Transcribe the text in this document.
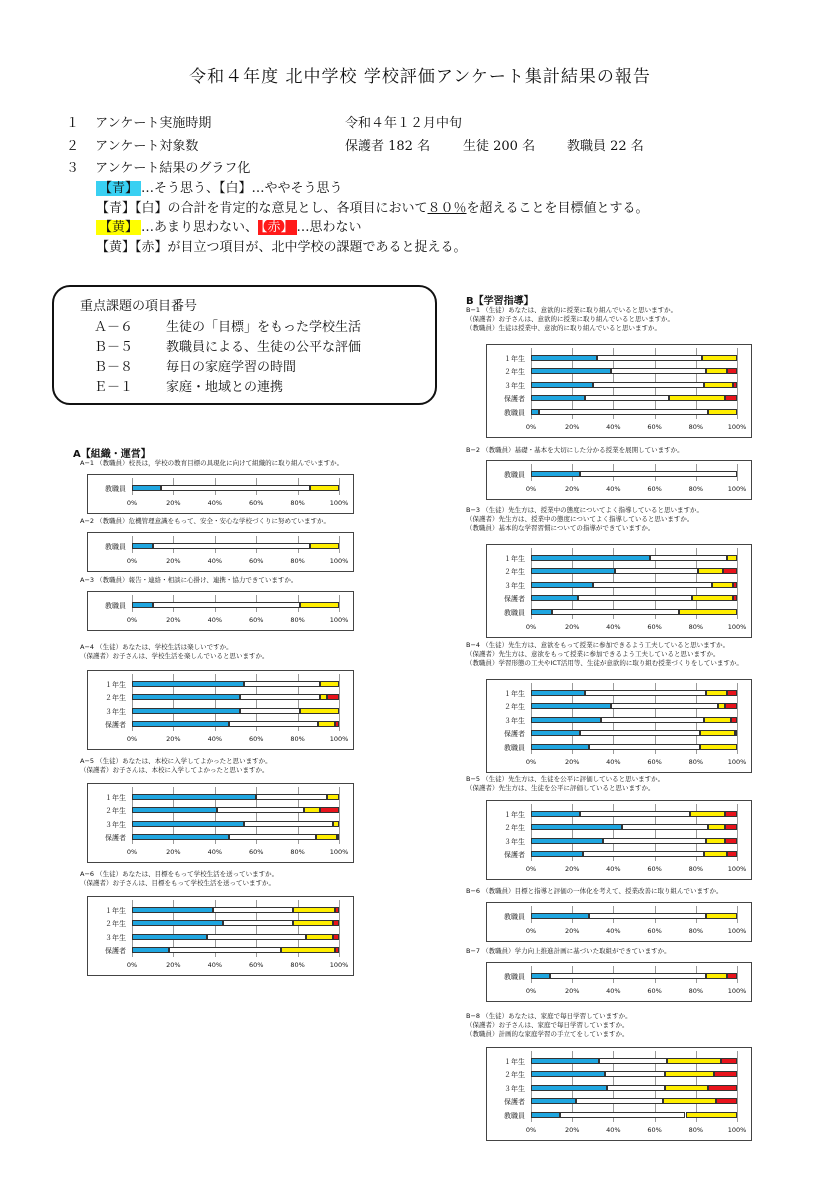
令和４年度 北中学校 学校評価アンケート集計結果の報告
１ アンケート実施時期	令和４年１２月中旬
２ アンケート対象数	保護者 182 名	生徒 200 名 教職員 22 名
３ アンケート結果のグラフ化
【青】 …そう思う、【白】…ややそう思う
【青】【白】の合計を肯定的な意見とし、各項目において８０％を超えることを目標値とする。
【黄】 …あまり思わない、 【赤】 …思わない
【黄】【赤】が目立つ項目が、北中学校の課題であると捉える。
重点課題の項目番号
Ａ－６	生徒の「目標」をもった学校生活
Ｂ－５	教職員による、生徒の公平な評価
Ｂ－８	毎日の家庭学習の時間
Ｅ－１	家庭・地域との連携
A【組織・運営】
B【学習指導】
A−1 （教職員）校長は，学校の教育目標の具現化に向けて組織的に取り組んでいますか。
0%	20%	40%	60%	80%	100%
教職員
A−2 （教職員）危機管理意識をもって、安全・安心な学校づくりに努めていますか。
0%	20%	40%	60%	80%	100%
教職員
A−3 （教職員）報告・連絡・相談に心掛け、連携・協力できていますか。
0%	20%	40%	60%	80%	100%
教職員
A−4 （生徒）あなたは、学校生活は楽しいですか。
（保護者）お子さんは、学校生活を楽しんでいると思いますか。
0%	20%	40%	60%	80%	100%
１年生
２年生
３年生
保護者
A−5 （生徒）あなたは、本校に入学してよかったと思いますか。
（保護者）お子さんは、本校に入学してよかったと思いますか。
0%	20%	40%	60%	80%	100%
１年生
２年生
３年生
保護者
A−6 （生徒）あなたは、目標をもって学校生活を送っていますか。
（保護者）お子さんは、目標をもって学校生活を送っていますか。
0%	20%	40%	60%	80%	100%
１年生
２年生
３年生
保護者
B−1 （生徒）あなたは、意欲的に授業に取り組んでいると思いますか。
（保護者）お子さんは、意欲的に授業に取り組んでいると思いますか。
（教職員）生徒は授業中、意欲的に取り組んでいると思いますか。
0%	20%	40%	60%	80%	100%
１年生
２年生
３年生
保護者
教職員
B−2 （教職員）基礎・基本を大切にした分かる授業を展開していますか。
0%	20%	40%	60%	80%	100%
教職員
B−3 （生徒）先生方は、授業中の態度についてよく指導していると思いますか。
（保護者）先生方は、授業中の態度についてよく指導していると思いますか。
（教職員）基本的な学習習慣についての指導ができていますか。
0%	20%	40%	60%	80%	100%
１年生
２年生
３年生
保護者
教職員
B−4 （生徒）先生方は、意欲をもって授業に参加できるよう工夫していると思いますか。
（保護者）先生方は、意欲をもって授業に参加できるよう工夫していると思いますか。
（教職員）学習形態の工夫やICT活用等、生徒が意欲的に取り組む授業づくりをしていますか。
0%	20%	40%	60%	80%	100%
１年生
２年生
３年生
保護者
教職員
B−5 （生徒）先生方は、生徒を公平に評価していると思いますか。
（保護者）先生方は、生徒を公平に評価していると思いますか。
0%	20%	40%	60%	80%	100%
１年生
２年生
３年生
保護者
B−6 （教職員）目標と指導と評価の一体化を考えて、授業改善に取り組んでいますか。
0%	20%	40%	60%	80%	100%
教職員
B−7 （教職員）学力向上推進計画に基づいた取組ができていますか。
0%	20%	40%	60%	80%	100%
教職員
B−8 （生徒）あなたは、家庭で毎日学習していますか。
（保護者）お子さんは、家庭で毎日学習していますか。
（教職員）計画的な家庭学習の手立てをしていますか。
0%	20%	40%	60%	80%	100%
１年生
２年生
３年生
保護者
教職員
